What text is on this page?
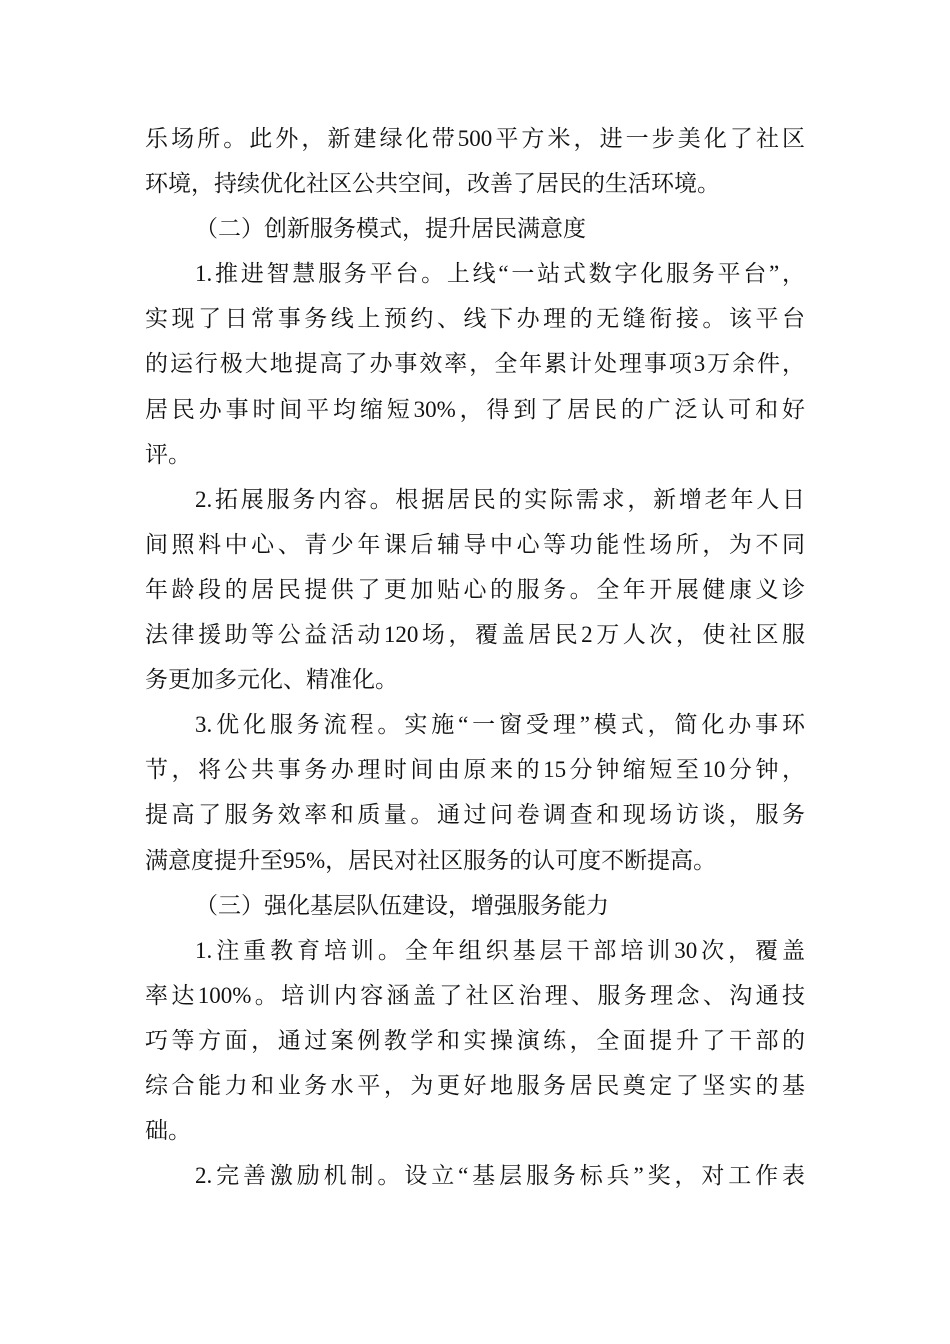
乐场所。此外，新建绿化带500平方米，进一步美化了社区
环境，持续优化社区公共空间，改善了居民的生活环境。
（二）创新服务模式，提升居民满意度
1.推进智慧服务平台。上线“一站式数字化服务平台”，
实现了日常事务线上预约、线下办理的无缝衔接。该平台
的运行极大地提高了办事效率，全年累计处理事项3万余件，
居民办事时间平均缩短30%，得到了居民的广泛认可和好
评。
2.拓展服务内容。根据居民的实际需求，新增老年人日
间照料中心、青少年课后辅导中心等功能性场所，为不同
年龄段的居民提供了更加贴心的服务。全年开展健康义诊
法律援助等公益活动120场，覆盖居民2万人次，使社区服
务更加多元化、精准化。
3.优化服务流程。实施“一窗受理”模式，简化办事环
节，将公共事务办理时间由原来的15分钟缩短至10分钟，
提高了服务效率和质量。通过问卷调查和现场访谈，服务
满意度提升至95%，居民对社区服务的认可度不断提高。
（三）强化基层队伍建设，增强服务能力
1.注重教育培训。全年组织基层干部培训30次，覆盖
率达100%。培训内容涵盖了社区治理、服务理念、沟通技
巧等方面，通过案例教学和实操演练，全面提升了干部的
综合能力和业务水平，为更好地服务居民奠定了坚实的基
础。
2.完善激励机制。设立“基层服务标兵”奖，对工作表
